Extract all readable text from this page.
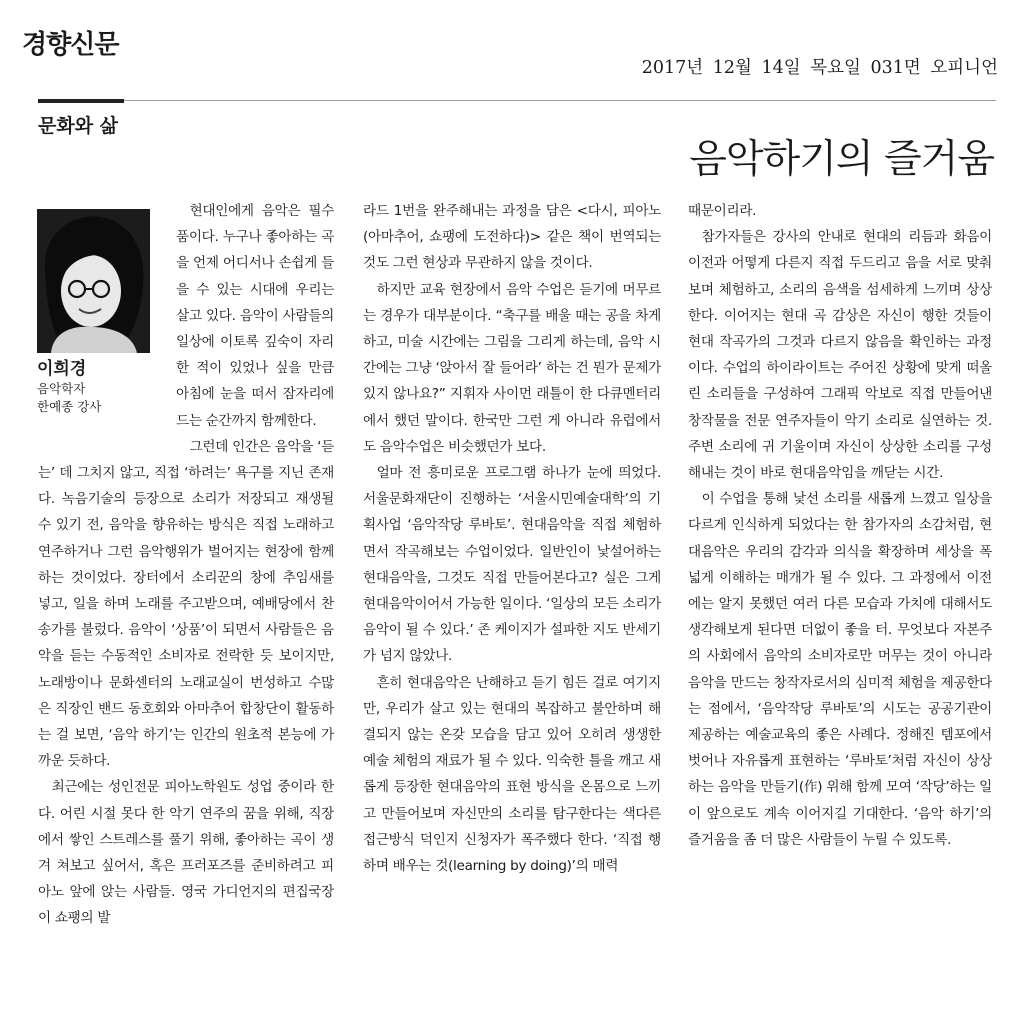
경향신문
2017년 12월 14일 목요일 031면 오피니언
문화와 삶
음악하기의 즐거움

이희경

음악학자

한예종 강사

현대인에게 음악은 필수품이다. 누구나 좋아하는 곡을 언제 어디서나 손쉽게 들을 수 있는 시대에 우리는 살고 있다. 음악이 사람들의 일상에 이토록 깊숙이 자리한 적이 있었나 싶을 만큼 아침에 눈을 떠서 잠자리에 드는 순간까지 함께한다.

그런데 인간은 음악을 ‘듣는’ 데 그치지 않고, 직접 ‘하려는’ 욕구를 지닌 존재다. 녹음기술의 등장으로 소리가 저장되고 재생될 수 있기 전, 음악을 향유하는 방식은 직접 노래하고 연주하거나 그런 음악행위가 벌어지는 현장에 함께하는 것이었다. 장터에서 소리꾼의 창에 추임새를 넣고, 일을 하며 노래를 주고받으며, 예배당에서 찬송가를 불렀다. 음악이 ‘상품’이 되면서 사람들은 음악을 듣는 수동적인 소비자로 전락한 듯 보이지만, 노래방이나 문화센터의 노래교실이 번성하고 수많은 직장인 밴드 동호회와 아마추어 합창단이 활동하는 걸 보면, ‘음악 하기’는 인간의 원초적 본능에 가까운 듯하다.

최근에는 성인전문 피아노학원도 성업 중이라 한다. 어린 시절 못다 한 악기 연주의 꿈을 위해, 직장에서 쌓인 스트레스를 풀기 위해, 좋아하는 곡이 생겨 쳐보고 싶어서, 혹은 프러포즈를 준비하려고 피아노 앞에 앉는 사람들. 영국 가디언지의 편집국장이 쇼팽의 발

라드 1번을 완주해내는 과정을 담은 <다시, 피아노(아마추어, 쇼팽에 도전하다)> 같은 책이 번역되는 것도 그런 현상과 무관하지 않을 것이다.

하지만 교육 현장에서 음악 수업은 듣기에 머무르는 경우가 대부분이다. “축구를 배울 때는 공을 차게 하고, 미술 시간에는 그림을 그리게 하는데, 음악 시간에는 그냥 ‘앉아서 잘 들어라’ 하는 건 뭔가 문제가 있지 않나요?” 지휘자 사이먼 래틀이 한 다큐멘터리에서 했던 말이다. 한국만 그런 게 아니라 유럽에서도 음악수업은 비슷했던가 보다.

얼마 전 흥미로운 프로그램 하나가 눈에 띄었다. 서울문화재단이 진행하는 ‘서울시민예술대학’의 기획사업 ‘음악작당 루바토’. 현대음악을 직접 체험하면서 작곡해보는 수업이었다. 일반인이 낯설어하는 현대음악을, 그것도 직접 만들어본다고? 실은 그게 현대음악이어서 가능한 일이다. ‘일상의 모든 소리가 음악이 될 수 있다.’ 존 케이지가 설파한 지도 반세기가 넘지 않았나.

흔히 현대음악은 난해하고 듣기 힘든 걸로 여기지만, 우리가 살고 있는 현대의 복잡하고 불안하며 해결되지 않는 온갖 모습을 담고 있어 오히려 생생한 예술 체험의 재료가 될 수 있다. 익숙한 틀을 깨고 새롭게 등장한 현대음악의 표현 방식을 온몸으로 느끼고 만들어보며 자신만의 소리를 탐구한다는 색다른 접근방식 덕인지 신청자가 폭주했다 한다. ‘직접 행하며 배우는 것(learning by doing)’의 매력

때문이리라.

참가자들은 강사의 안내로 현대의 리듬과 화음이 이전과 어떻게 다른지 직접 두드리고 음을 서로 맞춰보며 체험하고, 소리의 음색을 섬세하게 느끼며 상상한다. 이어지는 현대 곡 감상은 자신이 행한 것들이 현대 작곡가의 그것과 다르지 않음을 확인하는 과정이다. 수업의 하이라이트는 주어진 상황에 맞게 떠올린 소리들을 구성하여 그래픽 악보로 직접 만들어낸 창작물을 전문 연주자들이 악기 소리로 실연하는 것. 주변 소리에 귀 기울이며 자신이 상상한 소리를 구성해내는 것이 바로 현대음악임을 깨닫는 시간.

이 수업을 통해 낯선 소리를 새롭게 느꼈고 일상을 다르게 인식하게 되었다는 한 참가자의 소감처럼, 현대음악은 우리의 감각과 의식을 확장하며 세상을 폭넓게 이해하는 매개가 될 수 있다. 그 과정에서 이전에는 알지 못했던 여러 다른 모습과 가치에 대해서도 생각해보게 된다면 더없이 좋을 터. 무엇보다 자본주의 사회에서 음악의 소비자로만 머무는 것이 아니라 음악을 만드는 창작자로서의 심미적 체험을 제공한다는 점에서, ‘음악작당 루바토’의 시도는 공공기관이 제공하는 예술교육의 좋은 사례다. 정해진 템포에서 벗어나 자유롭게 표현하는 ‘루바토’처럼 자신이 상상하는 음악을 만들기(作) 위해 함께 모여 ‘작당’하는 일이 앞으로도 계속 이어지길 기대한다. ‘음악 하기’의 즐거움을 좀 더 많은 사람들이 누릴 수 있도록.
